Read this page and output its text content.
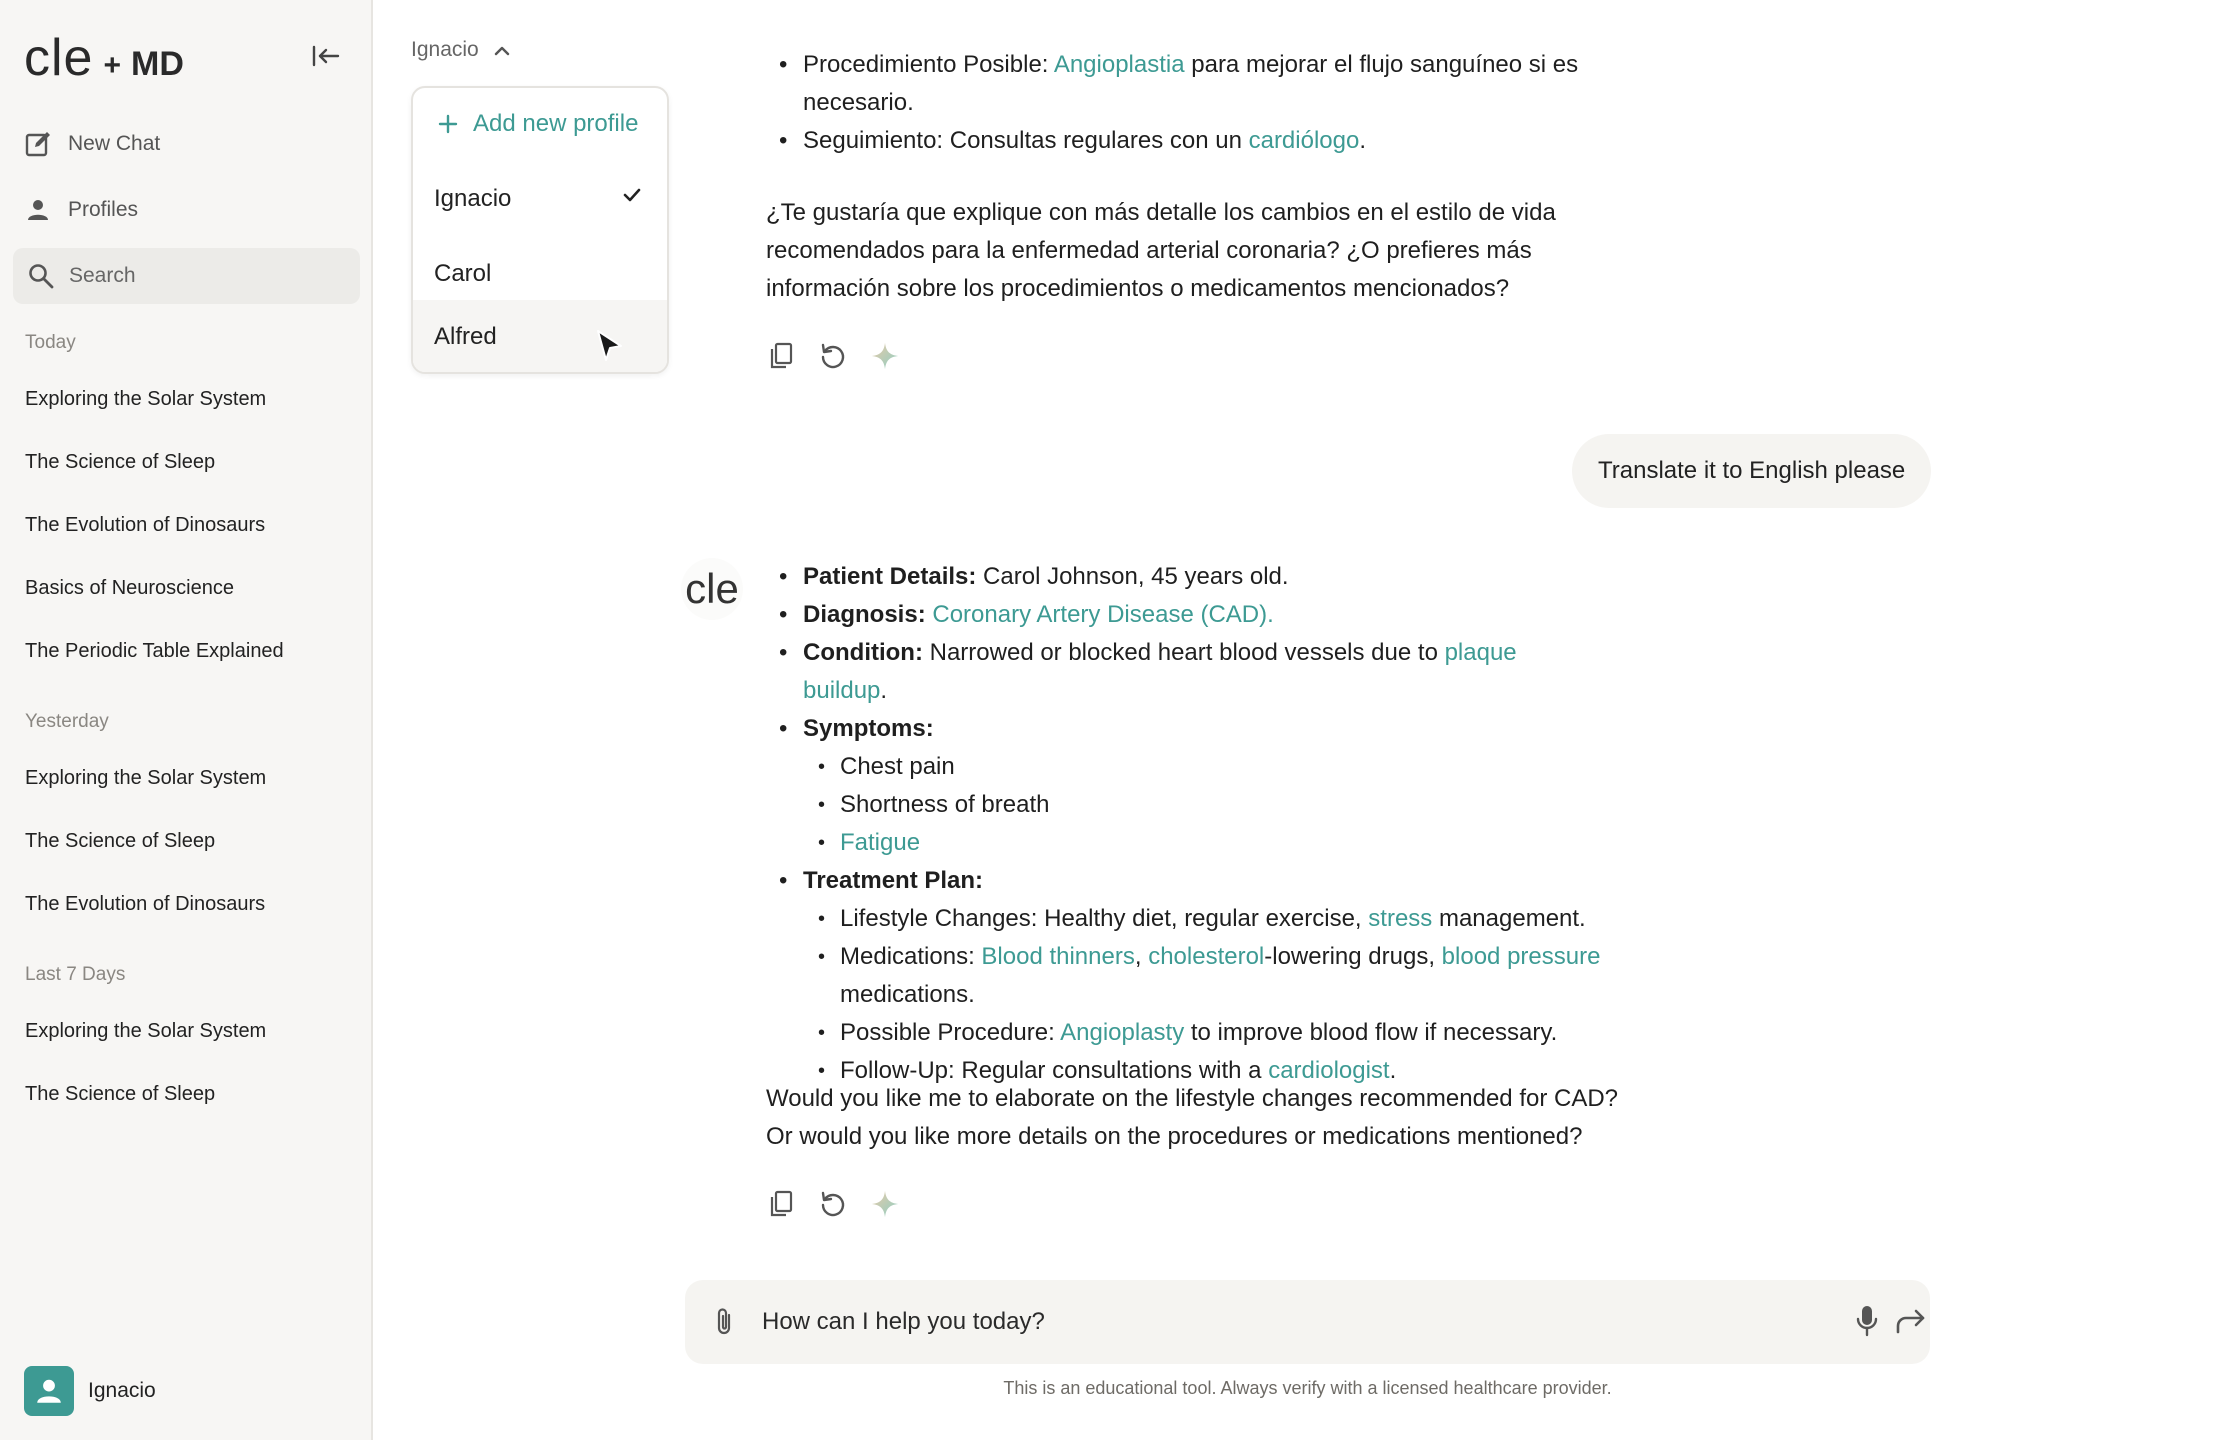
cle + MD
New Chat
Profiles
Search
Today
Exploring the Solar System
The Science of Sleep
The Evolution of Dinosaurs
Basics of Neuroscience
The Periodic Table Explained
Yesterday
Exploring the Solar System
The Science of Sleep
The Evolution of Dinosaurs
Last 7 Days
Exploring the Solar System
The Science of Sleep
Ignacio
Ignacio
Add new profile
Ignacio
Carol
Alfred
• Procedimiento Posible: Angioplastia para mejorar el flujo sanguíneo si es
necesario.
• Seguimiento: Consultas regulares con un cardiólogo.
¿Te gustaría que explique con más detalle los cambios en el estilo de vida
recomendados para la enfermedad arterial coronaria? ¿O prefieres más
información sobre los procedimientos o medicamentos mencionados?
Translate it to English please
cle
•	Patient Details: Carol Johnson, 45 years old.
• Diagnosis: Coronary Artery Disease (CAD).
• Condition: Narrowed or blocked heart blood vessels due to plaque buildup.
• Symptoms:
• Chest pain
• Shortness of breath
• Fatigue
• Treatment Plan:
• Lifestyle Changes: Healthy diet, regular exercise, stress management.
• Medications: Blood thinners, cholesterol-lowering drugs, blood pressure
medications.
• Possible Procedure: Angioplasty to improve blood flow if necessary.
• Follow-Up: Regular consultations with a cardiologist.
Would you like me to elaborate on the lifestyle changes recommended for CAD?
Or would you like more details on the procedures or medications mentioned?
How can I help you today?
This is an educational tool. Always verify with a licensed healthcare provider.
